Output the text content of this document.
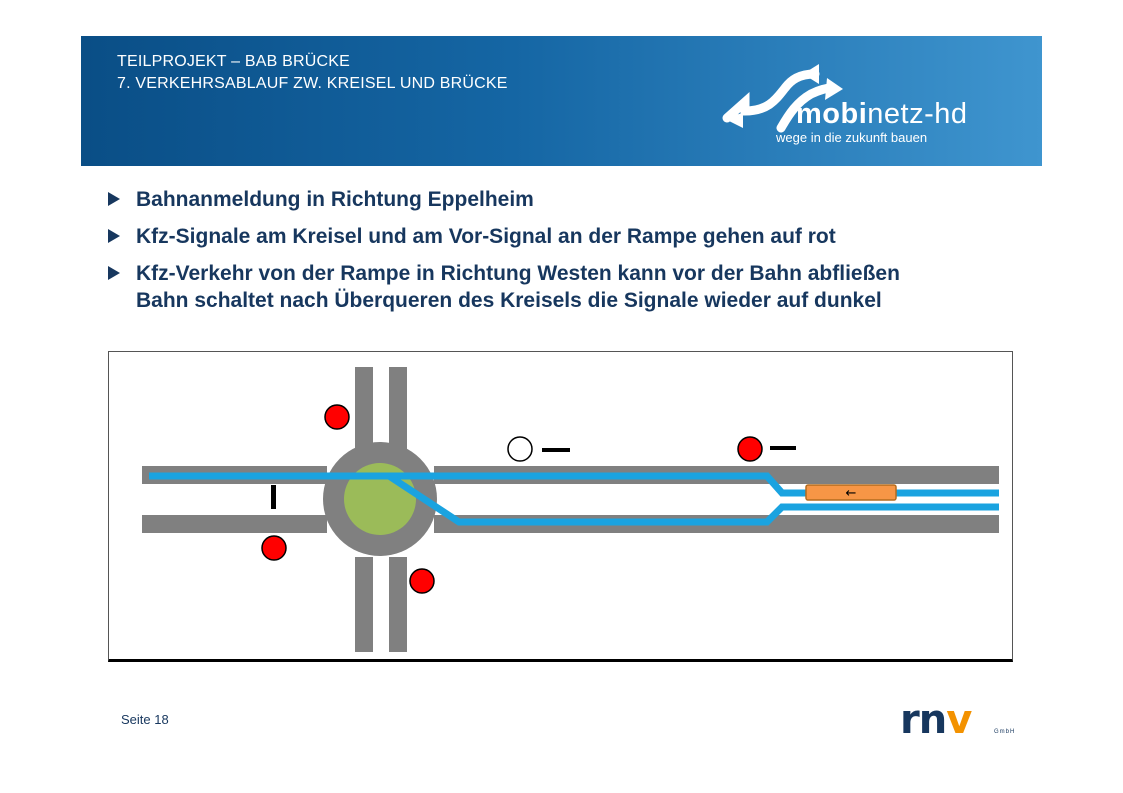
TEILPROJEKT – BAB BRÜCKE
7. VERKEHRSABLAUF ZW. KREISEL UND BRÜCKE
mobinetz-hd
wege in die zukunft bauen
Bahnanmeldung in Richtung Eppelheim
Kfz-Signale am Kreisel und am Vor-Signal an der Rampe gehen auf rot
Kfz-Verkehr von der Rampe in Richtung Westen kann vor der Bahn abfließen
Bahn schaltet nach Überqueren des Kreisels die Signale wieder auf dunkel
←
Seite 18	rnv	GmbH
